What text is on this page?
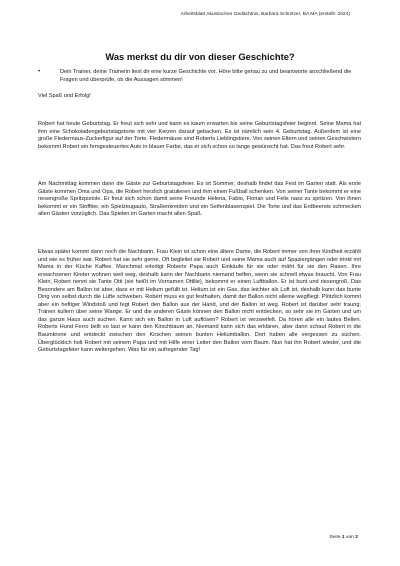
Arbeitsblatt Akustisches Gedächtnis, Barbara Schnitzer, BA MA (erstellt: 2024)
Was merkst du dir von dieser Geschichte?
•	Dein Trainer, deine Trainerin liest dir eine kurze Geschichte vor. Höre bitte genau zu und beantworte anschließend die Fragen und überprüfe, ob die Aussagen stimmen!
Viel Spaß und Erfolg!

Robert hat heute Geburtstag. Er freut sich sehr und kann es kaum erwarten bis seine Geburtstagsfeier beginnt. Seine Mama hat ihm eine Schokoladengeburtstagstorte mit vier Kerzen darauf gebacken. Es ist nämlich sein 4. Geburtstag. Außerdem ist eine große Fledermaus-Zuckerfigur auf der Torte. Fledermäuse sind Roberts Lieblingstiere. Von seinen Eltern und seinen Geschwistern bekommt Robert ein ferngesteuertes Auto in blauer Farbe, das er sich schon so lange gewünscht hat. Das freut Robert sehr.

Am Nachmittag kommen dann die Gäste zur Geburtstagsfeier. Es ist Sommer, deshalb findet das Fest im Garten statt. Als erste Gäste kommen Oma und Opa, die Robert herzlich gratulieren und ihm einen Fußball schenken. Von seiner Tante bekommt er eine riesengroße Spritzpistole. Er freut sich schon damit seine Freunde Helena, Fabio, Florian und Felix nass zu spritzen. Von ihnen bekommt er ein Stofftier, ein Spielzeugauto, Straßenkreiden und ein Seifenblasenspiel. Die Torte und das Erdbeereis schmecken allen Gästen vorzüglich. Das Spielen im Garten macht allen Spaß.

Etwas später kommt dann noch die Nachbarin. Frau Klein ist schon eine ältere Dame, die Robert immer von ihrer Kindheit erzählt und wie es früher war. Robert hat sie sehr gerne. Oft begleitet sie Robert und seine Mama auch auf Spaziergängen oder trinkt mit Mama in der Küche Kaffee. Manchmal erledigt Roberts Papa auch Einkäufe für sie oder mäht für sie den Rasen. Ihre erwachsenen Kinder wohnen weit weg, deshalb kann der Nachbarin niemand helfen, wenn sie schnell etwas braucht. Von Frau Klein, Robert nennt sie Tante Otti (sie heißt im Vornamen Ottilie), bekommt er einen Luftballon. Er ist bunt und riesengroß. Das Besondere am Ballon ist aber, dass er mit Helium gefüllt ist. Helium ist ein Gas, das leichter als Luft ist, deshalb kann das bunte Ding von selbst durch die Lüfte schweben. Robert muss es gut festhalten, damit der Ballon nicht alleine wegfliegt. Plötzlich kommt aber ein heftiger Windstoß und fegt Robert den Ballon aus der Hand, und der Ballon ist weg. Robert ist darüber sehr traurig. Tränen kullern über seine Wange. Er und die anderen Gäste können den Ballon nicht entdecken, so sehr sie im Garten und um das ganze Haus auch suchen. Kann sich ein Ballon in Luft auflösen? Robert ist verzweifelt. Da hören alle ein lautes Bellen. Roberts Hund Ferro bellt so laut er kann den Kirschbaum an. Niemand kann sich das erklären, aber dann schaut Robert in die Baumkrone und entdeckt zwischen den Kirschen seinen bunten Heliumballon. Dort haben alle vergessen zu suchen. Überglücklich holt Robert mit seinem Papa und mit Hilfe einer Leiter den Ballon vom Baum. Nun hat ihn Robert wieder, und die Geburtstagsfeier kann weitergehen. Was für ein aufregender Tag!

Seite 1 von 2
